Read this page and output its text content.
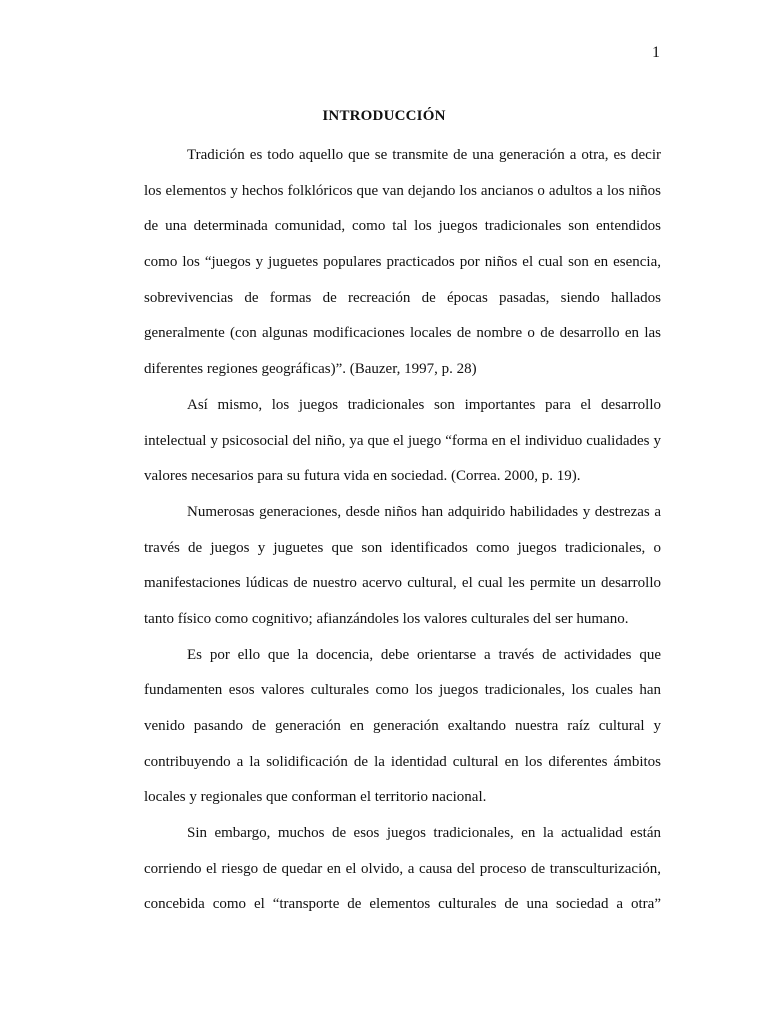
1
INTRODUCCIÓN
Tradición es todo aquello que se transmite de una generación a otra, es decir
los elementos y hechos folklóricos que van dejando los ancianos o adultos a los niños
de una determinada comunidad, como tal los juegos tradicionales son entendidos
como los “juegos y juguetes populares practicados por niños el cual son en esencia,
sobrevivencias de formas de recreación de épocas pasadas, siendo hallados
generalmente (con algunas modificaciones locales de nombre o de desarrollo en las
diferentes regiones geográficas)”. (Bauzer, 1997, p. 28)
Así mismo, los juegos tradicionales son importantes para el desarrollo
intelectual y psicosocial del niño, ya que el juego “forma en el individuo cualidades y
valores necesarios para su futura vida en sociedad. (Correa. 2000, p. 19).
Numerosas generaciones, desde niños han adquirido habilidades y destrezas a
través de juegos y juguetes que son identificados como juegos tradicionales, o
manifestaciones lúdicas de nuestro acervo cultural, el cual les permite un desarrollo
tanto físico como cognitivo; afianzándoles los valores culturales del ser humano.
Es por ello que la docencia, debe orientarse a través de actividades que
fundamenten esos valores culturales como los juegos tradicionales, los cuales han
venido pasando de generación en generación exaltando nuestra raíz cultural y
contribuyendo a la solidificación de la identidad cultural en los diferentes ámbitos
locales y regionales que conforman el territorio nacional.
Sin embargo, muchos de esos juegos tradicionales, en la actualidad están
corriendo el riesgo de quedar en el olvido, a causa del proceso de transculturización,
concebida como el “transporte de elementos culturales de una sociedad a otra”
